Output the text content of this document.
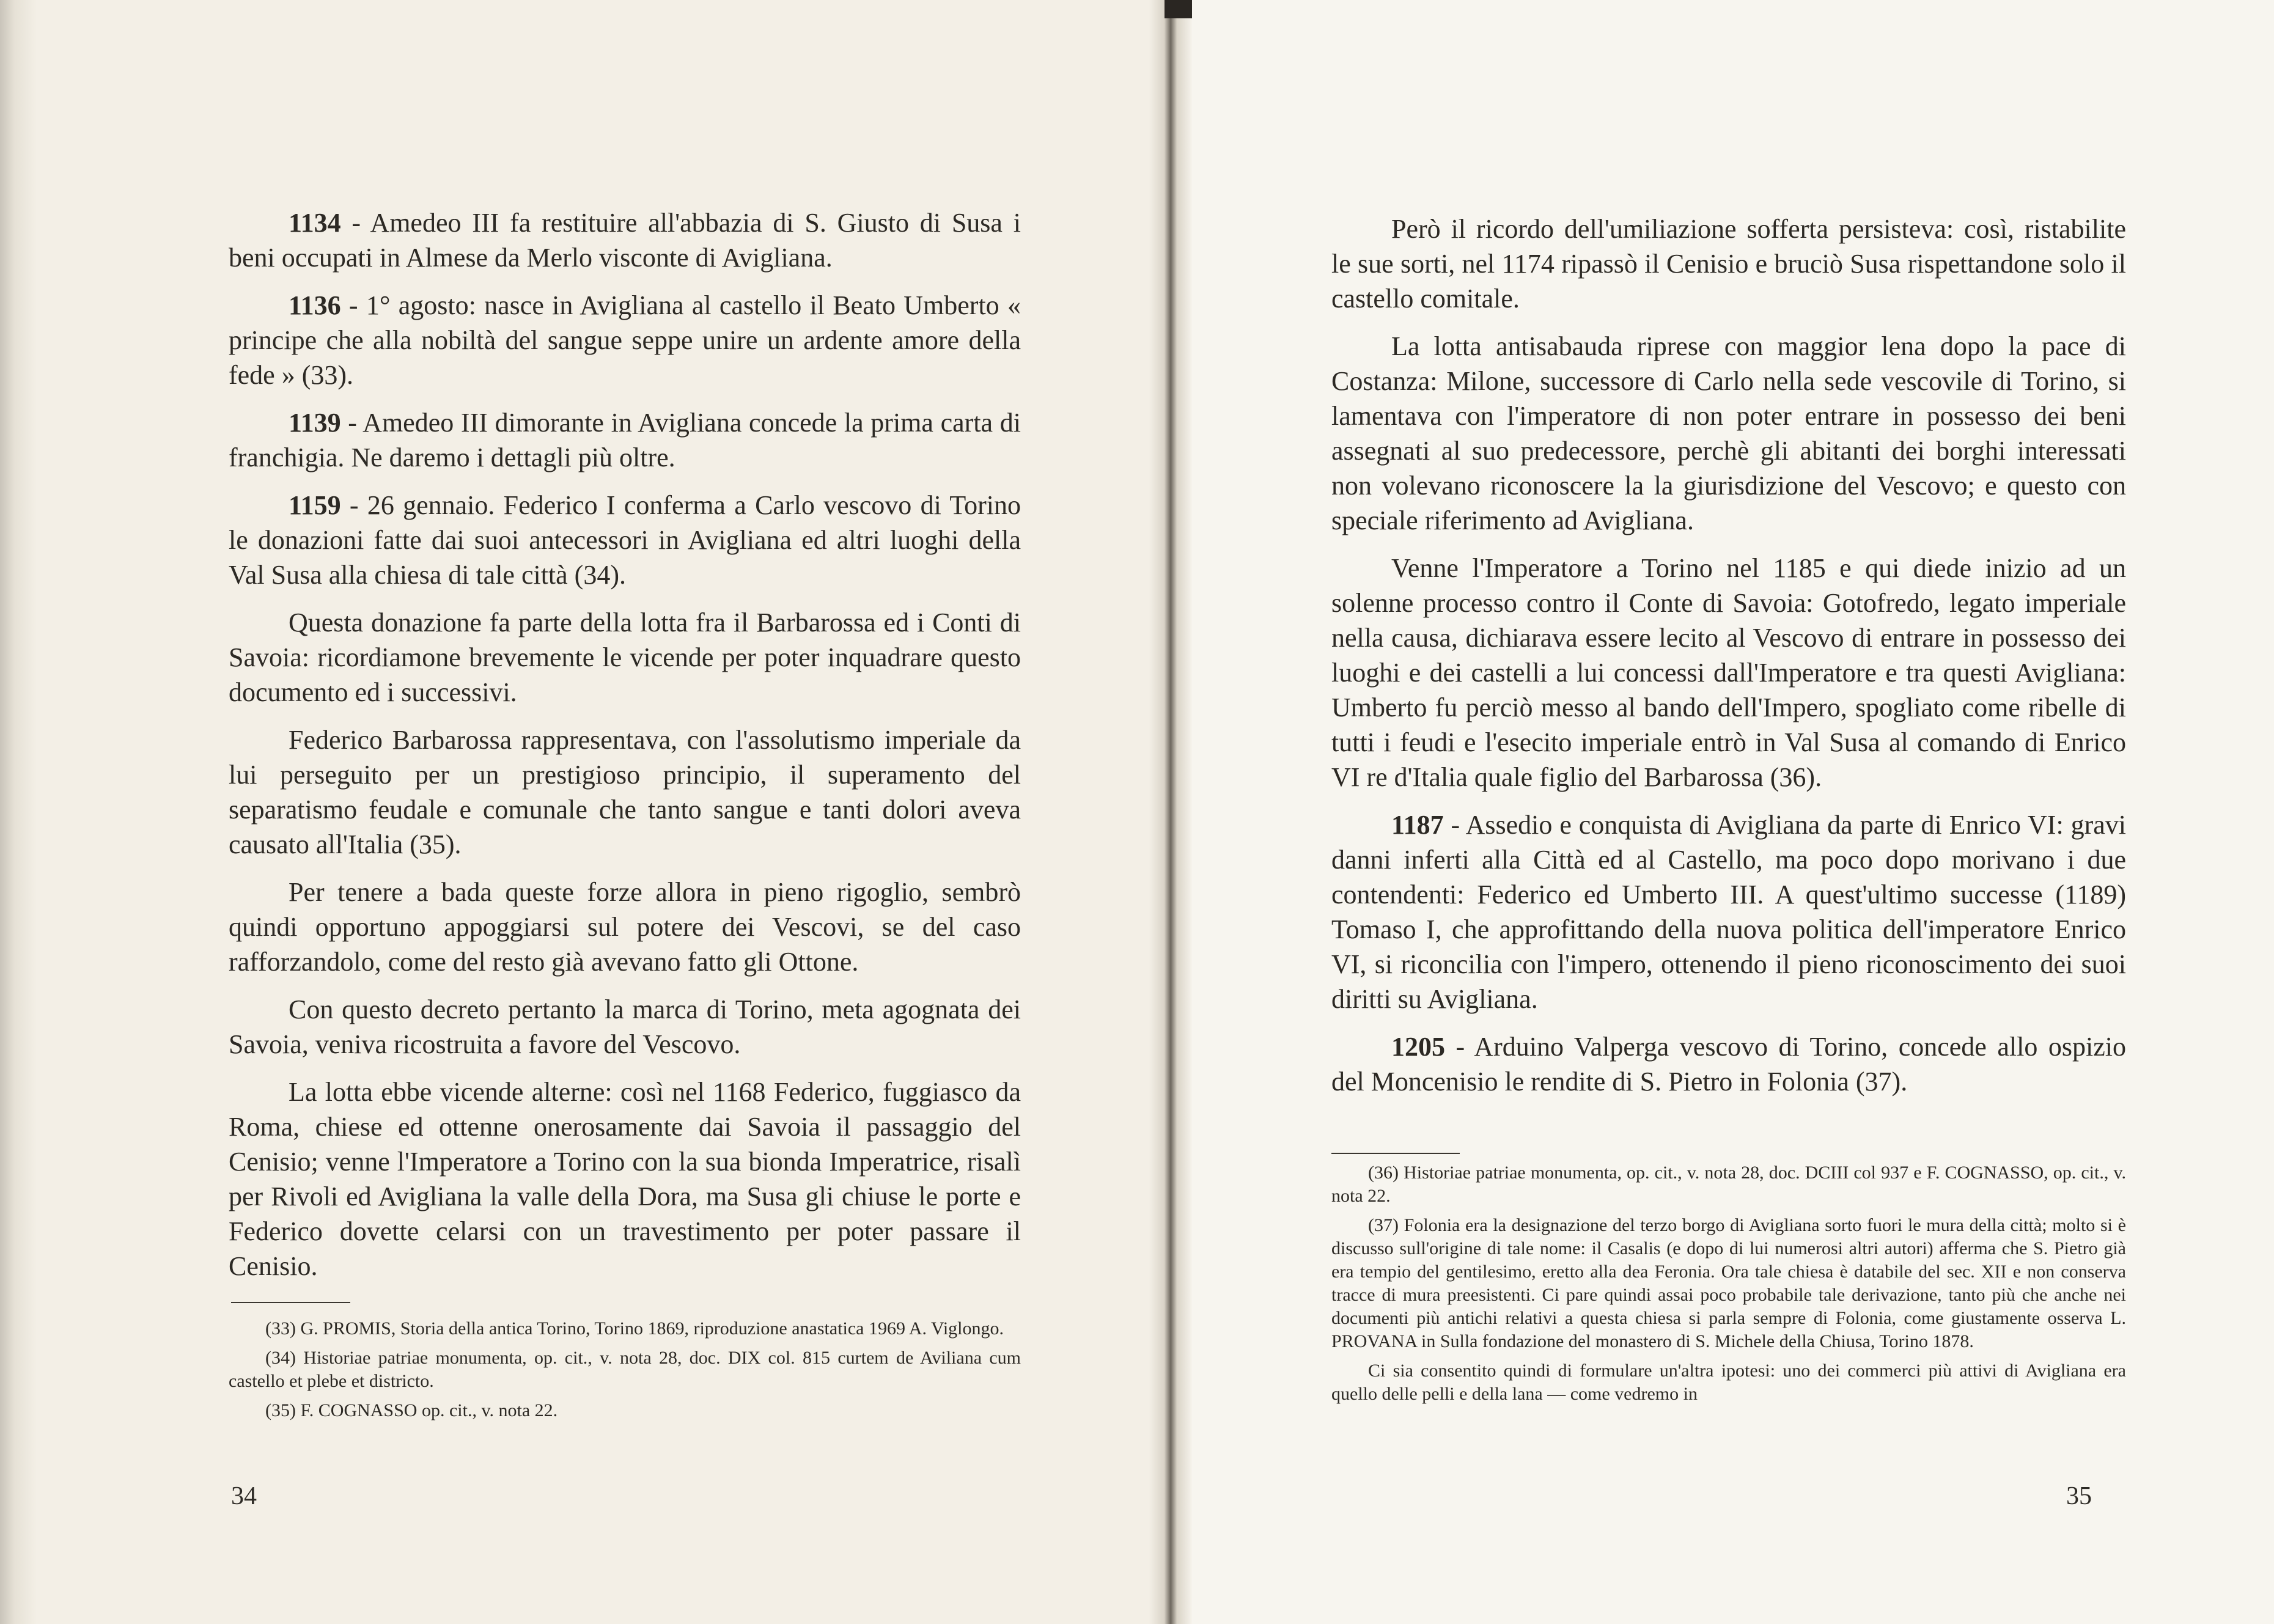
1134 - Amedeo III fa restituire all'abbazia di S. Giusto di Susa i beni occupati in Almese da Merlo visconte di Avigliana.

1136 - 1° agosto: nasce in Avigliana al castello il Beato Umberto « principe che alla nobiltà del sangue seppe unire un ardente amore della fede » (33).

1139 - Amedeo III dimorante in Avigliana concede la prima carta di franchigia. Ne daremo i dettagli più oltre.

1159 - 26 gennaio. Federico I conferma a Carlo vescovo di Torino le donazioni fatte dai suoi antecessori in Avigliana ed altri luoghi della Val Susa alla chiesa di tale città (34).

Questa donazione fa parte della lotta fra il Barbarossa ed i Conti di Savoia: ricordiamone brevemente le vicende per poter inquadrare questo documento ed i successivi.

Federico Barbarossa rappresentava, con l'assolutismo imperiale da lui perseguito per un prestigioso principio, il superamento del separatismo feudale e comunale che tanto sangue e tanti dolori aveva causato all'Italia (35).

Per tenere a bada queste forze allora in pieno rigoglio, sembrò quindi opportuno appoggiarsi sul potere dei Vescovi, se del caso rafforzandolo, come del resto già avevano fatto gli Ottone.

Con questo decreto pertanto la marca di Torino, meta agognata dei Savoia, veniva ricostruita a favore del Vescovo.

La lotta ebbe vicende alterne: così nel 1168 Federico, fuggiasco da Roma, chiese ed ottenne onerosamente dai Savoia il passaggio del Cenisio; venne l'Imperatore a Torino con la sua bionda Imperatrice, risalì per Rivoli ed Avigliana la valle della Dora, ma Susa gli chiuse le porte e Federico dovette celarsi con un travestimento per poter passare il Cenisio.

(33) G. PROMIS, Storia della antica Torino, Torino 1869, riproduzione anastatica 1969 A. Viglongo.

(34) Historiae patriae monumenta, op. cit., v. nota 28, doc. DIX col. 815 curtem de Aviliana cum castello et plebe et districto.

(35) F. COGNASSO op. cit., v. nota 22.

34

Però il ricordo dell'umiliazione sofferta persisteva: così, ristabilite le sue sorti, nel 1174 ripassò il Cenisio e bruciò Susa rispettandone solo il castello comitale.

La lotta antisabauda riprese con maggior lena dopo la pace di Costanza: Milone, successore di Carlo nella sede vescovile di Torino, si lamentava con l'imperatore di non poter entrare in possesso dei beni assegnati al suo predecessore, perchè gli abitanti dei borghi interessati non volevano riconoscere la la giurisdizione del Vescovo; e questo con speciale riferimento ad Avigliana.

Venne l'Imperatore a Torino nel 1185 e qui diede inizio ad un solenne processo contro il Conte di Savoia: Gotofredo, legato imperiale nella causa, dichiarava essere lecito al Vescovo di entrare in possesso dei luoghi e dei castelli a lui concessi dall'Imperatore e tra questi Avigliana: Umberto fu perciò messo al bando dell'Impero, spogliato come ribelle di tutti i feudi e l'esecito imperiale entrò in Val Susa al comando di Enrico VI re d'Italia quale figlio del Barbarossa (36).

1187 - Assedio e conquista di Avigliana da parte di Enrico VI: gravi danni inferti alla Città ed al Castello, ma poco dopo morivano i due contendenti: Federico ed Umberto III. A quest'ultimo successe (1189) Tomaso I, che approfittando della nuova politica dell'imperatore Enrico VI, si riconcilia con l'impero, ottenendo il pieno riconoscimento dei suoi diritti su Avigliana.

1205 - Arduino Valperga vescovo di Torino, concede allo ospizio del Moncenisio le rendite di S. Pietro in Folonia (37).

(36) Historiae patriae monumenta, op. cit., v. nota 28, doc. DCIII col 937 e F. COGNASSO, op. cit., v. nota 22.

(37) Folonia era la designazione del terzo borgo di Avigliana sorto fuori le mura della città; molto si è discusso sull'origine di tale nome: il Casalis (e dopo di lui numerosi altri autori) afferma che S. Pietro già era tempio del gentilesimo, eretto alla dea Feronia. Ora tale chiesa è databile del sec. XII e non conserva tracce di mura preesistenti. Ci pare quindi assai poco probabile tale derivazione, tanto più che anche nei documenti più antichi relativi a questa chiesa si parla sempre di Folonia, come giustamente osserva L. PROVANA in Sulla fondazione del monastero di S. Michele della Chiusa, Torino 1878.

Ci sia consentito quindi di formulare un'altra ipotesi: uno dei commerci più attivi di Avigliana era quello delle pelli e della lana — come vedremo in

35
